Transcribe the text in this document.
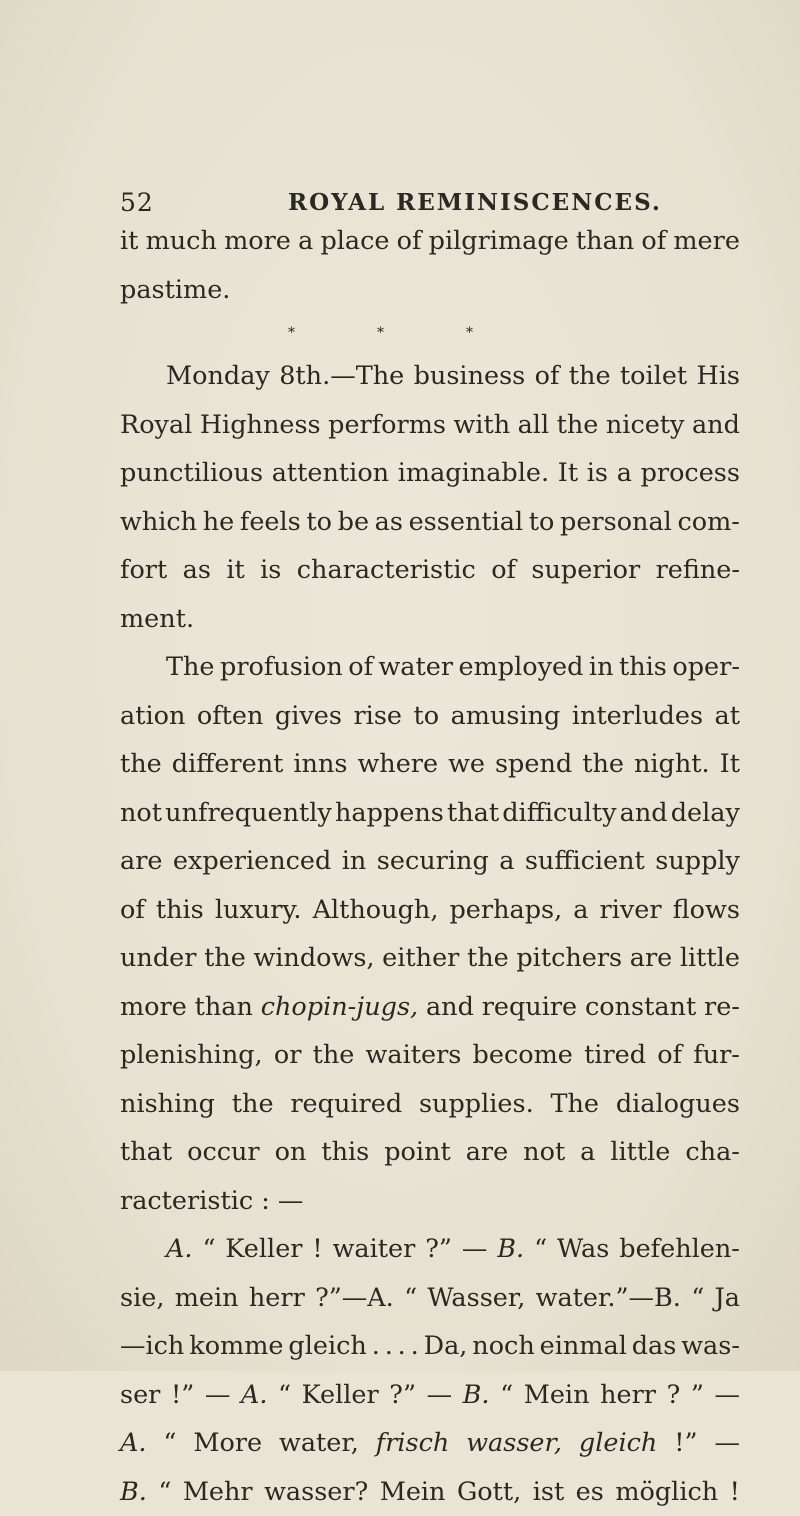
52	ROYAL REMINISCENCES.
it much more a place of pilgrimage than of mere
pastime.
*	*	*
Monday 8th.—The business of the toilet His
Royal Highness performs with all the nicety and
punctilious attention imaginable. It is a process
which he feels to be as essential to personal com-
fort as it is characteristic of superior refine-
ment.
The profusion of water employed in this oper-
ation often gives rise to amusing interludes at
the different inns where we spend the night. It
not unfrequently happens that difficulty and delay
are experienced in securing a sufficient supply
of this luxury. Although, perhaps, a river flows
under the windows, either the pitchers are little
more than chopin-jugs, and require constant re-
plenishing, or the waiters become tired of fur-
nishing the required supplies. The dialogues
that occur on this point are not a little cha-
racteristic : —
A. “ Keller ! waiter ?” — B. “ Was befehlen-
sie, mein herr ?”—A. “ Wasser, water.”—B. “ Ja
—ich komme gleich . . . . Da, noch einmal das was-
ser !” — A. “ Keller ?” — B. “ Mein herr ? ” —
A. “ More water, frisch wasser, gleich !” —
B. “ Mehr wasser? Mein Gott, ist es möglich !
